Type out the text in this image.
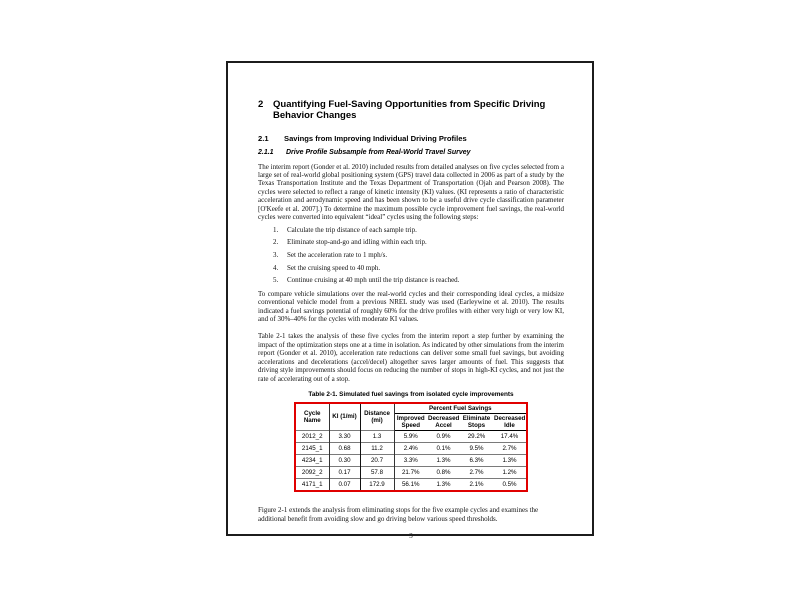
2	Quantifying Fuel-Saving Opportunities from Specific Driving Behavior Changes
2.1	Savings from Improving Individual Driving Profiles
2.1.1	Drive Profile Subsample from Real-World Travel Survey

The interim report (Gonder et al. 2010) included results from detailed analyses on five cycles selected from a large set of real-world global positioning system (GPS) travel data collected in 2006 as part of a study by the Texas Transportation Institute and the Texas Department of Transportation (Ojah and Pearson 2008). The cycles were selected to reflect a range of kinetic intensity (KI) values. (KI represents a ratio of characteristic acceleration and aerodynamic speed and has been shown to be a useful drive cycle classification parameter [O'Keefe et al. 2007].) To determine the maximum possible cycle improvement fuel savings, the real-world cycles were converted into equivalent “ideal” cycles using the following steps:

Calculate the trip distance of each sample trip.
Eliminate stop-and-go and idling within each trip.
Set the acceleration rate to 1 mph/s.
Set the cruising speed to 40 mph.
Continue cruising at 40 mph until the trip distance is reached.

To compare vehicle simulations over the real-world cycles and their corresponding ideal cycles, a midsize conventional vehicle model from a previous NREL study was used (Earleywine et al. 2010). The results indicated a fuel savings potential of roughly 60% for the drive profiles with either very high or very low KI, and of 30%–40% for the cycles with moderate KI values.

Table 2-1 takes the analysis of these five cycles from the interim report a step further by examining the impact of the optimization steps one at a time in isolation. As indicated by other simulations from the interim report (Gonder et al. 2010), acceleration rate reductions can deliver some small fuel savings, but avoiding accelerations and decelerations (accel/decel) altogether saves larger amounts of fuel. This suggests that driving style improvements should focus on reducing the number of stops in high-KI cycles, and not just the rate of accelerating out of a stop.

Table 2-1. Simulated fuel savings from isolated cycle improvements
Cycle Name	KI (1/mi)	Distance (mi)	Percent Fuel Savings			
			Improved Speed	Decreased Accel	Eliminate Stops	Decreased Idle
2012_2	3.30	1.3	5.9%	0.9%	29.2%	17.4%
2145_1	0.68	11.2	2.4%	0.1%	9.5%	2.7%
4234_1	0.30	20.7	3.3%	1.3%	6.3%	1.3%
2092_2	0.17	57.8	21.7%	0.8%	2.7%	1.2%
4171_1	0.07	172.9	56.1%	1.3%	2.1%	0.5%

Figure 2-1 extends the analysis from eliminating stops for the five example cycles and examines the additional benefit from avoiding slow and go driving below various speed thresholds.

3
